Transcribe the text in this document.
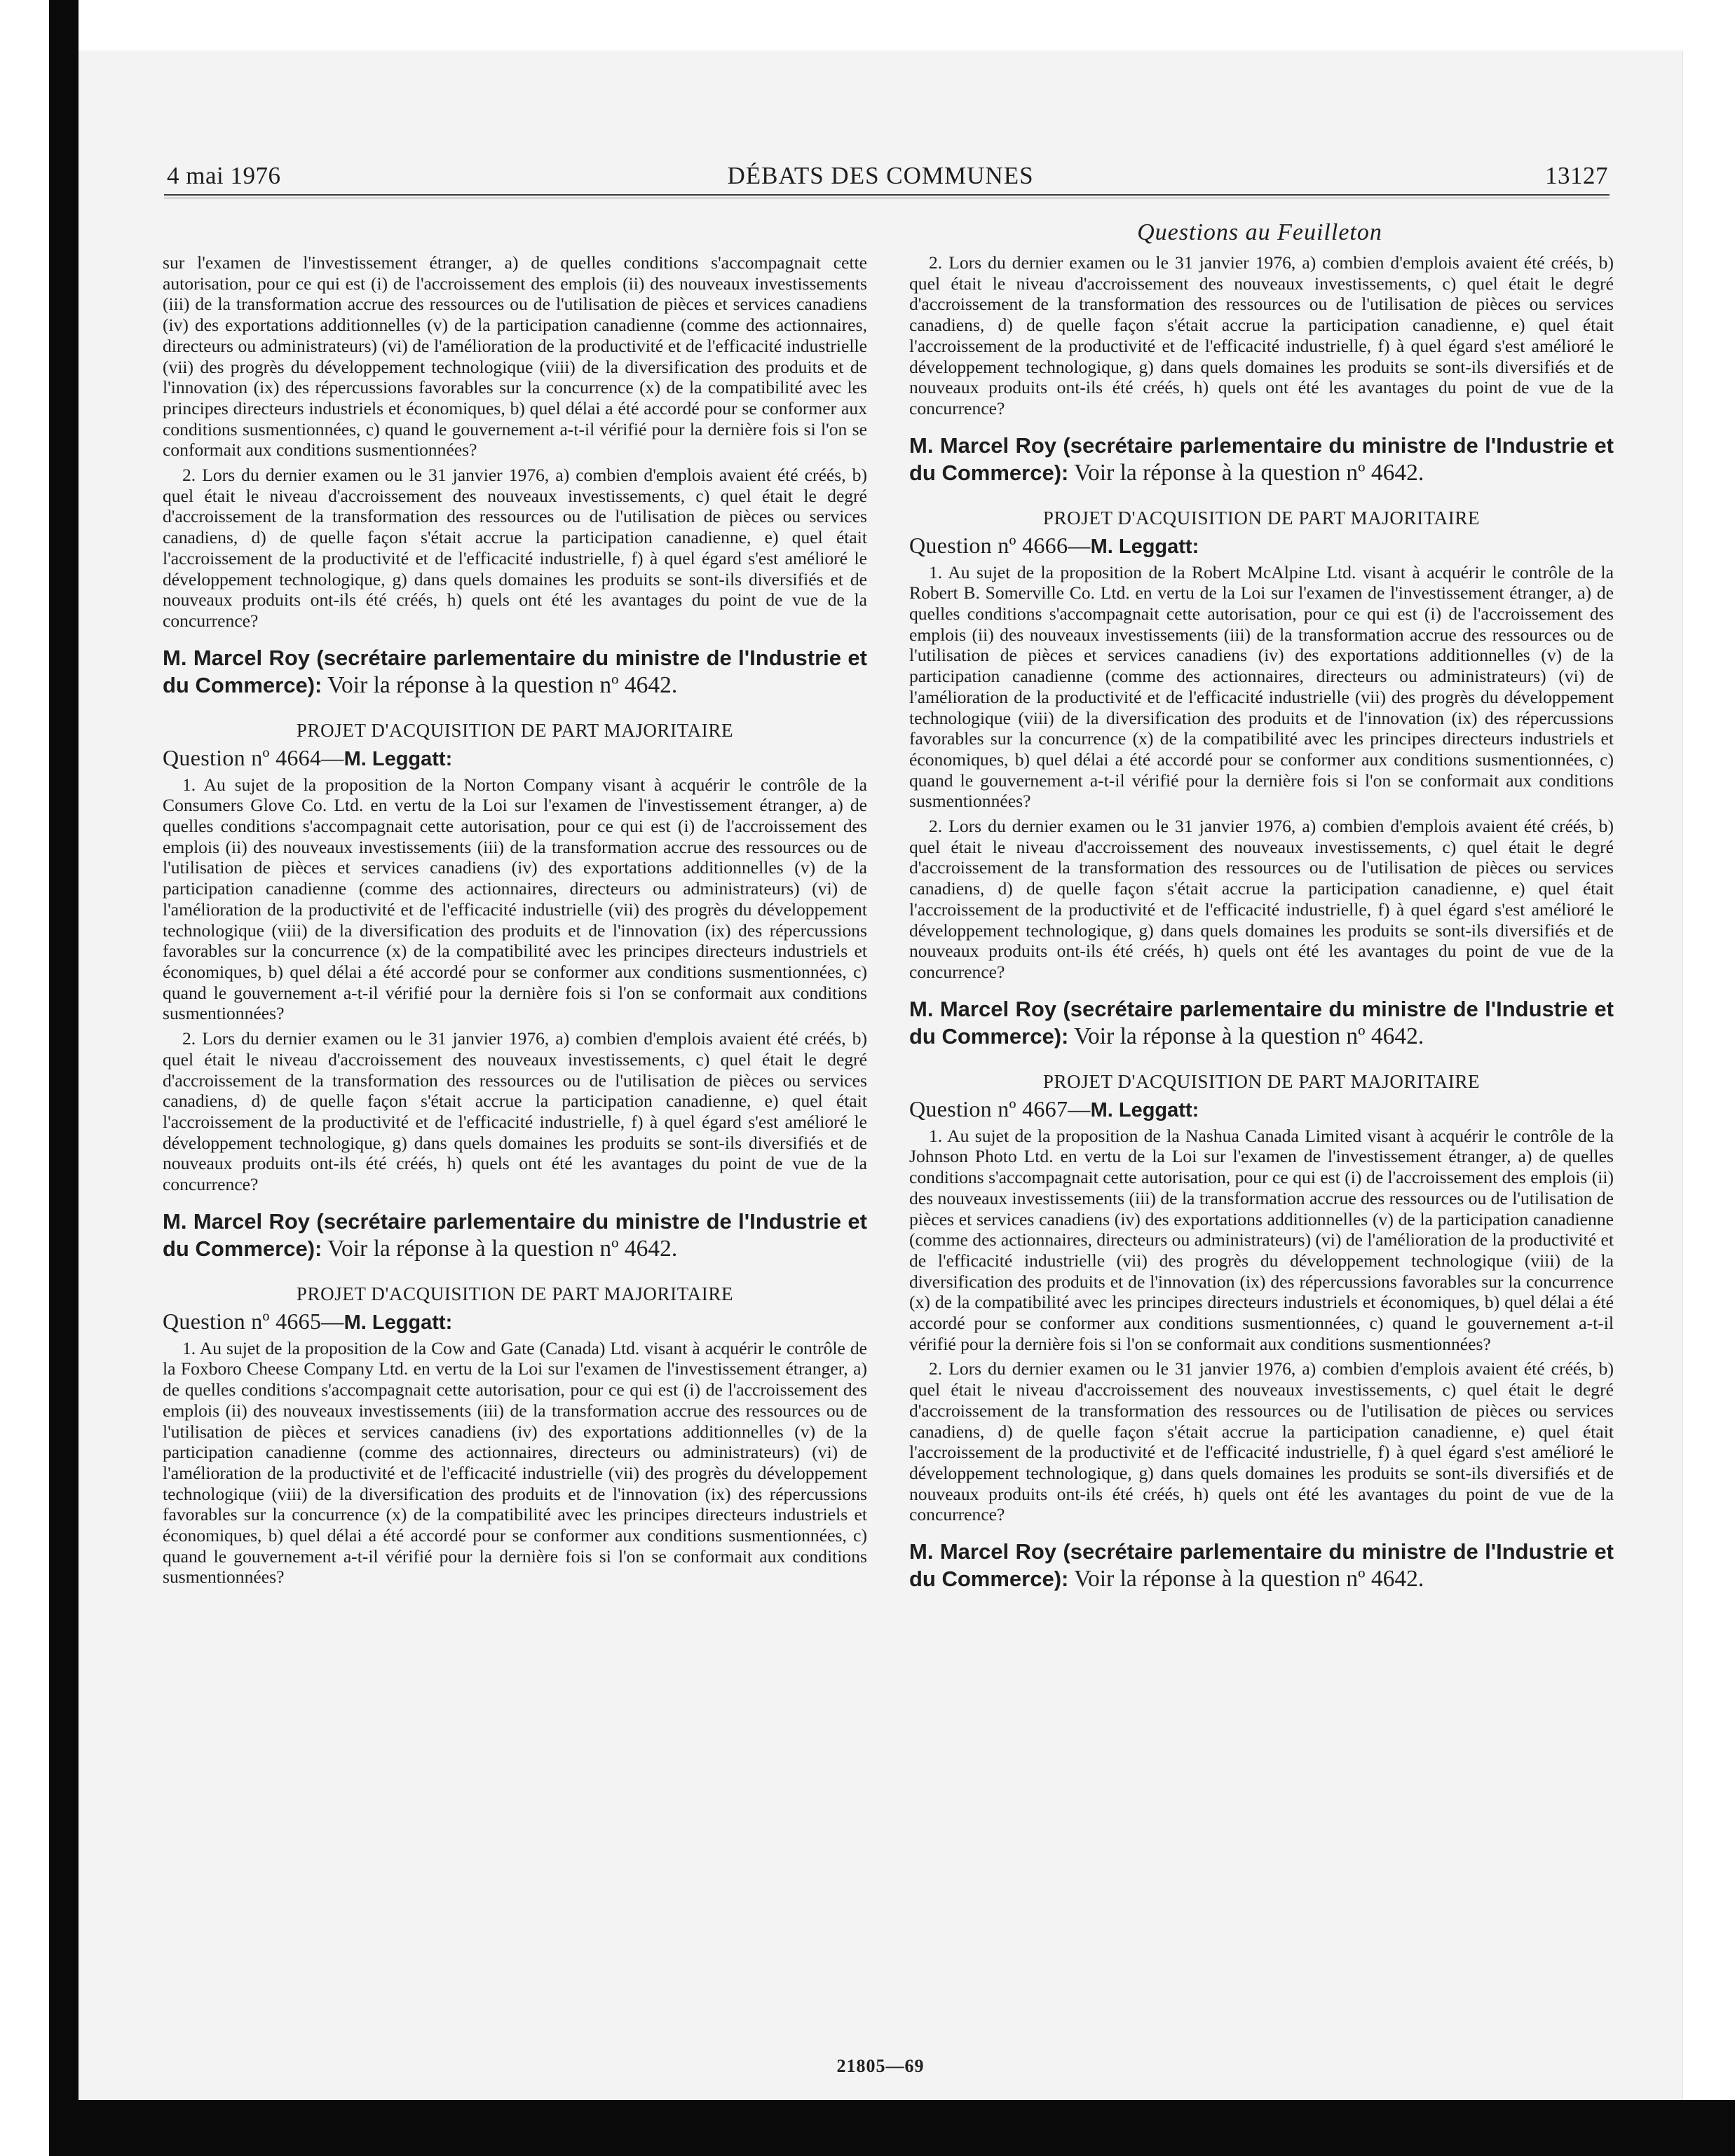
4 mai 1976	DÉBATS DES COMMUNES	13127
Questions au Feuilleton

sur l'examen de l'investissement étranger, a) de quelles conditions s'accompagnait cette autorisation, pour ce qui est (i) de l'accroissement des emplois (ii) des nouveaux investissements (iii) de la transformation accrue des ressources ou de l'utilisation de pièces et services canadiens (iv) des exportations additionnelles (v) de la participation canadienne (comme des actionnaires, directeurs ou administrateurs) (vi) de l'amélioration de la productivité et de l'efficacité industrielle (vii) des progrès du développement technologique (viii) de la diversification des produits et de l'innovation (ix) des répercussions favorables sur la concurrence (x) de la compatibilité avec les principes directeurs industriels et économiques, b) quel délai a été accordé pour se conformer aux conditions susmentionnées, c) quand le gouvernement a-t-il vérifié pour la dernière fois si l'on se conformait aux conditions susmentionnées?

2. Lors du dernier examen ou le 31 janvier 1976, a) combien d'emplois avaient été créés, b) quel était le niveau d'accroissement des nouveaux investissements, c) quel était le degré d'accroissement de la transformation des ressources ou de l'utilisation de pièces ou services canadiens, d) de quelle façon s'était accrue la participation canadienne, e) quel était l'accroissement de la productivité et de l'efficacité industrielle, f) à quel égard s'est amélioré le développement technologique, g) dans quels domaines les produits se sont-ils diversifiés et de nouveaux produits ont-ils été créés, h) quels ont été les avantages du point de vue de la concurrence?

M. Marcel Roy (secrétaire parlementaire du ministre de l'Industrie et du Commerce): Voir la réponse à la question nº 4642.

PROJET D'ACQUISITION DE PART MAJORITAIRE

Question nº 4664—M. Leggatt:

1. Au sujet de la proposition de la Norton Company visant à acquérir le contrôle de la Consumers Glove Co. Ltd. en vertu de la Loi sur l'examen de l'investissement étranger, a) de quelles conditions s'accompagnait cette autorisation, pour ce qui est (i) de l'accroissement des emplois (ii) des nouveaux investissements (iii) de la transformation accrue des ressources ou de l'utilisation de pièces et services canadiens (iv) des exportations additionnelles (v) de la participation canadienne (comme des actionnaires, directeurs ou administrateurs) (vi) de l'amélioration de la productivité et de l'efficacité industrielle (vii) des progrès du développement technologique (viii) de la diversification des produits et de l'innovation (ix) des répercussions favorables sur la concurrence (x) de la compatibilité avec les principes directeurs industriels et économiques, b) quel délai a été accordé pour se conformer aux conditions susmentionnées, c) quand le gouvernement a-t-il vérifié pour la dernière fois si l'on se conformait aux conditions susmentionnées?

2. Lors du dernier examen ou le 31 janvier 1976, a) combien d'emplois avaient été créés, b) quel était le niveau d'accroissement des nouveaux investissements, c) quel était le degré d'accroissement de la transformation des ressources ou de l'utilisation de pièces ou services canadiens, d) de quelle façon s'était accrue la participation canadienne, e) quel était l'accroissement de la productivité et de l'efficacité industrielle, f) à quel égard s'est amélioré le développement technologique, g) dans quels domaines les produits se sont-ils diversifiés et de nouveaux produits ont-ils été créés, h) quels ont été les avantages du point de vue de la concurrence?

M. Marcel Roy (secrétaire parlementaire du ministre de l'Industrie et du Commerce): Voir la réponse à la question nº 4642.

PROJET D'ACQUISITION DE PART MAJORITAIRE

Question nº 4665—M. Leggatt:

1. Au sujet de la proposition de la Cow and Gate (Canada) Ltd. visant à acquérir le contrôle de la Foxboro Cheese Company Ltd. en vertu de la Loi sur l'examen de l'investissement étranger, a) de quelles conditions s'accompagnait cette autorisation, pour ce qui est (i) de l'accroissement des emplois (ii) des nouveaux investissements (iii) de la transformation accrue des ressources ou de l'utilisation de pièces et services canadiens (iv) des exportations additionnelles (v) de la participation canadienne (comme des actionnaires, directeurs ou administrateurs) (vi) de l'amélioration de la productivité et de l'efficacité industrielle (vii) des progrès du développement technologique (viii) de la diversification des produits et de l'innovation (ix) des répercussions favorables sur la concurrence (x) de la compatibilité avec les principes directeurs industriels et économiques, b) quel délai a été accordé pour se conformer aux conditions susmentionnées, c) quand le gouvernement a-t-il vérifié pour la dernière fois si l'on se conformait aux conditions susmentionnées?

2. Lors du dernier examen ou le 31 janvier 1976, a) combien d'emplois avaient été créés, b) quel était le niveau d'accroissement des nouveaux investissements, c) quel était le degré d'accroissement de la transformation des ressources ou de l'utilisation de pièces ou services canadiens, d) de quelle façon s'était accrue la participation canadienne, e) quel était l'accroissement de la productivité et de l'efficacité industrielle, f) à quel égard s'est amélioré le développement technologique, g) dans quels domaines les produits se sont-ils diversifiés et de nouveaux produits ont-ils été créés, h) quels ont été les avantages du point de vue de la concurrence?

M. Marcel Roy (secrétaire parlementaire du ministre de l'Industrie et du Commerce): Voir la réponse à la question nº 4642.

PROJET D'ACQUISITION DE PART MAJORITAIRE

Question nº 4666—M. Leggatt:

1. Au sujet de la proposition de la Robert McAlpine Ltd. visant à acquérir le contrôle de la Robert B. Somerville Co. Ltd. en vertu de la Loi sur l'examen de l'investissement étranger, a) de quelles conditions s'accompagnait cette autorisation, pour ce qui est (i) de l'accroissement des emplois (ii) des nouveaux investissements (iii) de la transformation accrue des ressources ou de l'utilisation de pièces et services canadiens (iv) des exportations additionnelles (v) de la participation canadienne (comme des actionnaires, directeurs ou administrateurs) (vi) de l'amélioration de la productivité et de l'efficacité industrielle (vii) des progrès du développement technologique (viii) de la diversification des produits et de l'innovation (ix) des répercussions favorables sur la concurrence (x) de la compatibilité avec les principes directeurs industriels et économiques, b) quel délai a été accordé pour se conformer aux conditions susmentionnées, c) quand le gouvernement a-t-il vérifié pour la dernière fois si l'on se conformait aux conditions susmentionnées?

2. Lors du dernier examen ou le 31 janvier 1976, a) combien d'emplois avaient été créés, b) quel était le niveau d'accroissement des nouveaux investissements, c) quel était le degré d'accroissement de la transformation des ressources ou de l'utilisation de pièces ou services canadiens, d) de quelle façon s'était accrue la participation canadienne, e) quel était l'accroissement de la productivité et de l'efficacité industrielle, f) à quel égard s'est amélioré le développement technologique, g) dans quels domaines les produits se sont-ils diversifiés et de nouveaux produits ont-ils été créés, h) quels ont été les avantages du point de vue de la concurrence?

M. Marcel Roy (secrétaire parlementaire du ministre de l'Industrie et du Commerce): Voir la réponse à la question nº 4642.

PROJET D'ACQUISITION DE PART MAJORITAIRE

Question nº 4667—M. Leggatt:

1. Au sujet de la proposition de la Nashua Canada Limited visant à acquérir le contrôle de la Johnson Photo Ltd. en vertu de la Loi sur l'examen de l'investissement étranger, a) de quelles conditions s'accompagnait cette autorisation, pour ce qui est (i) de l'accroissement des emplois (ii) des nouveaux investissements (iii) de la transformation accrue des ressources ou de l'utilisation de pièces et services canadiens (iv) des exportations additionnelles (v) de la participation canadienne (comme des actionnaires, directeurs ou administrateurs) (vi) de l'amélioration de la productivité et de l'efficacité industrielle (vii) des progrès du développement technologique (viii) de la diversification des produits et de l'innovation (ix) des répercussions favorables sur la concurrence (x) de la compatibilité avec les principes directeurs industriels et économiques, b) quel délai a été accordé pour se conformer aux conditions susmentionnées, c) quand le gouvernement a-t-il vérifié pour la dernière fois si l'on se conformait aux conditions susmentionnées?

2. Lors du dernier examen ou le 31 janvier 1976, a) combien d'emplois avaient été créés, b) quel était le niveau d'accroissement des nouveaux investissements, c) quel était le degré d'accroissement de la transformation des ressources ou de l'utilisation de pièces ou services canadiens, d) de quelle façon s'était accrue la participation canadienne, e) quel était l'accroissement de la productivité et de l'efficacité industrielle, f) à quel égard s'est amélioré le développement technologique, g) dans quels domaines les produits se sont-ils diversifiés et de nouveaux produits ont-ils été créés, h) quels ont été les avantages du point de vue de la concurrence?

M. Marcel Roy (secrétaire parlementaire du ministre de l'Industrie et du Commerce): Voir la réponse à la question nº 4642.

21805—69
